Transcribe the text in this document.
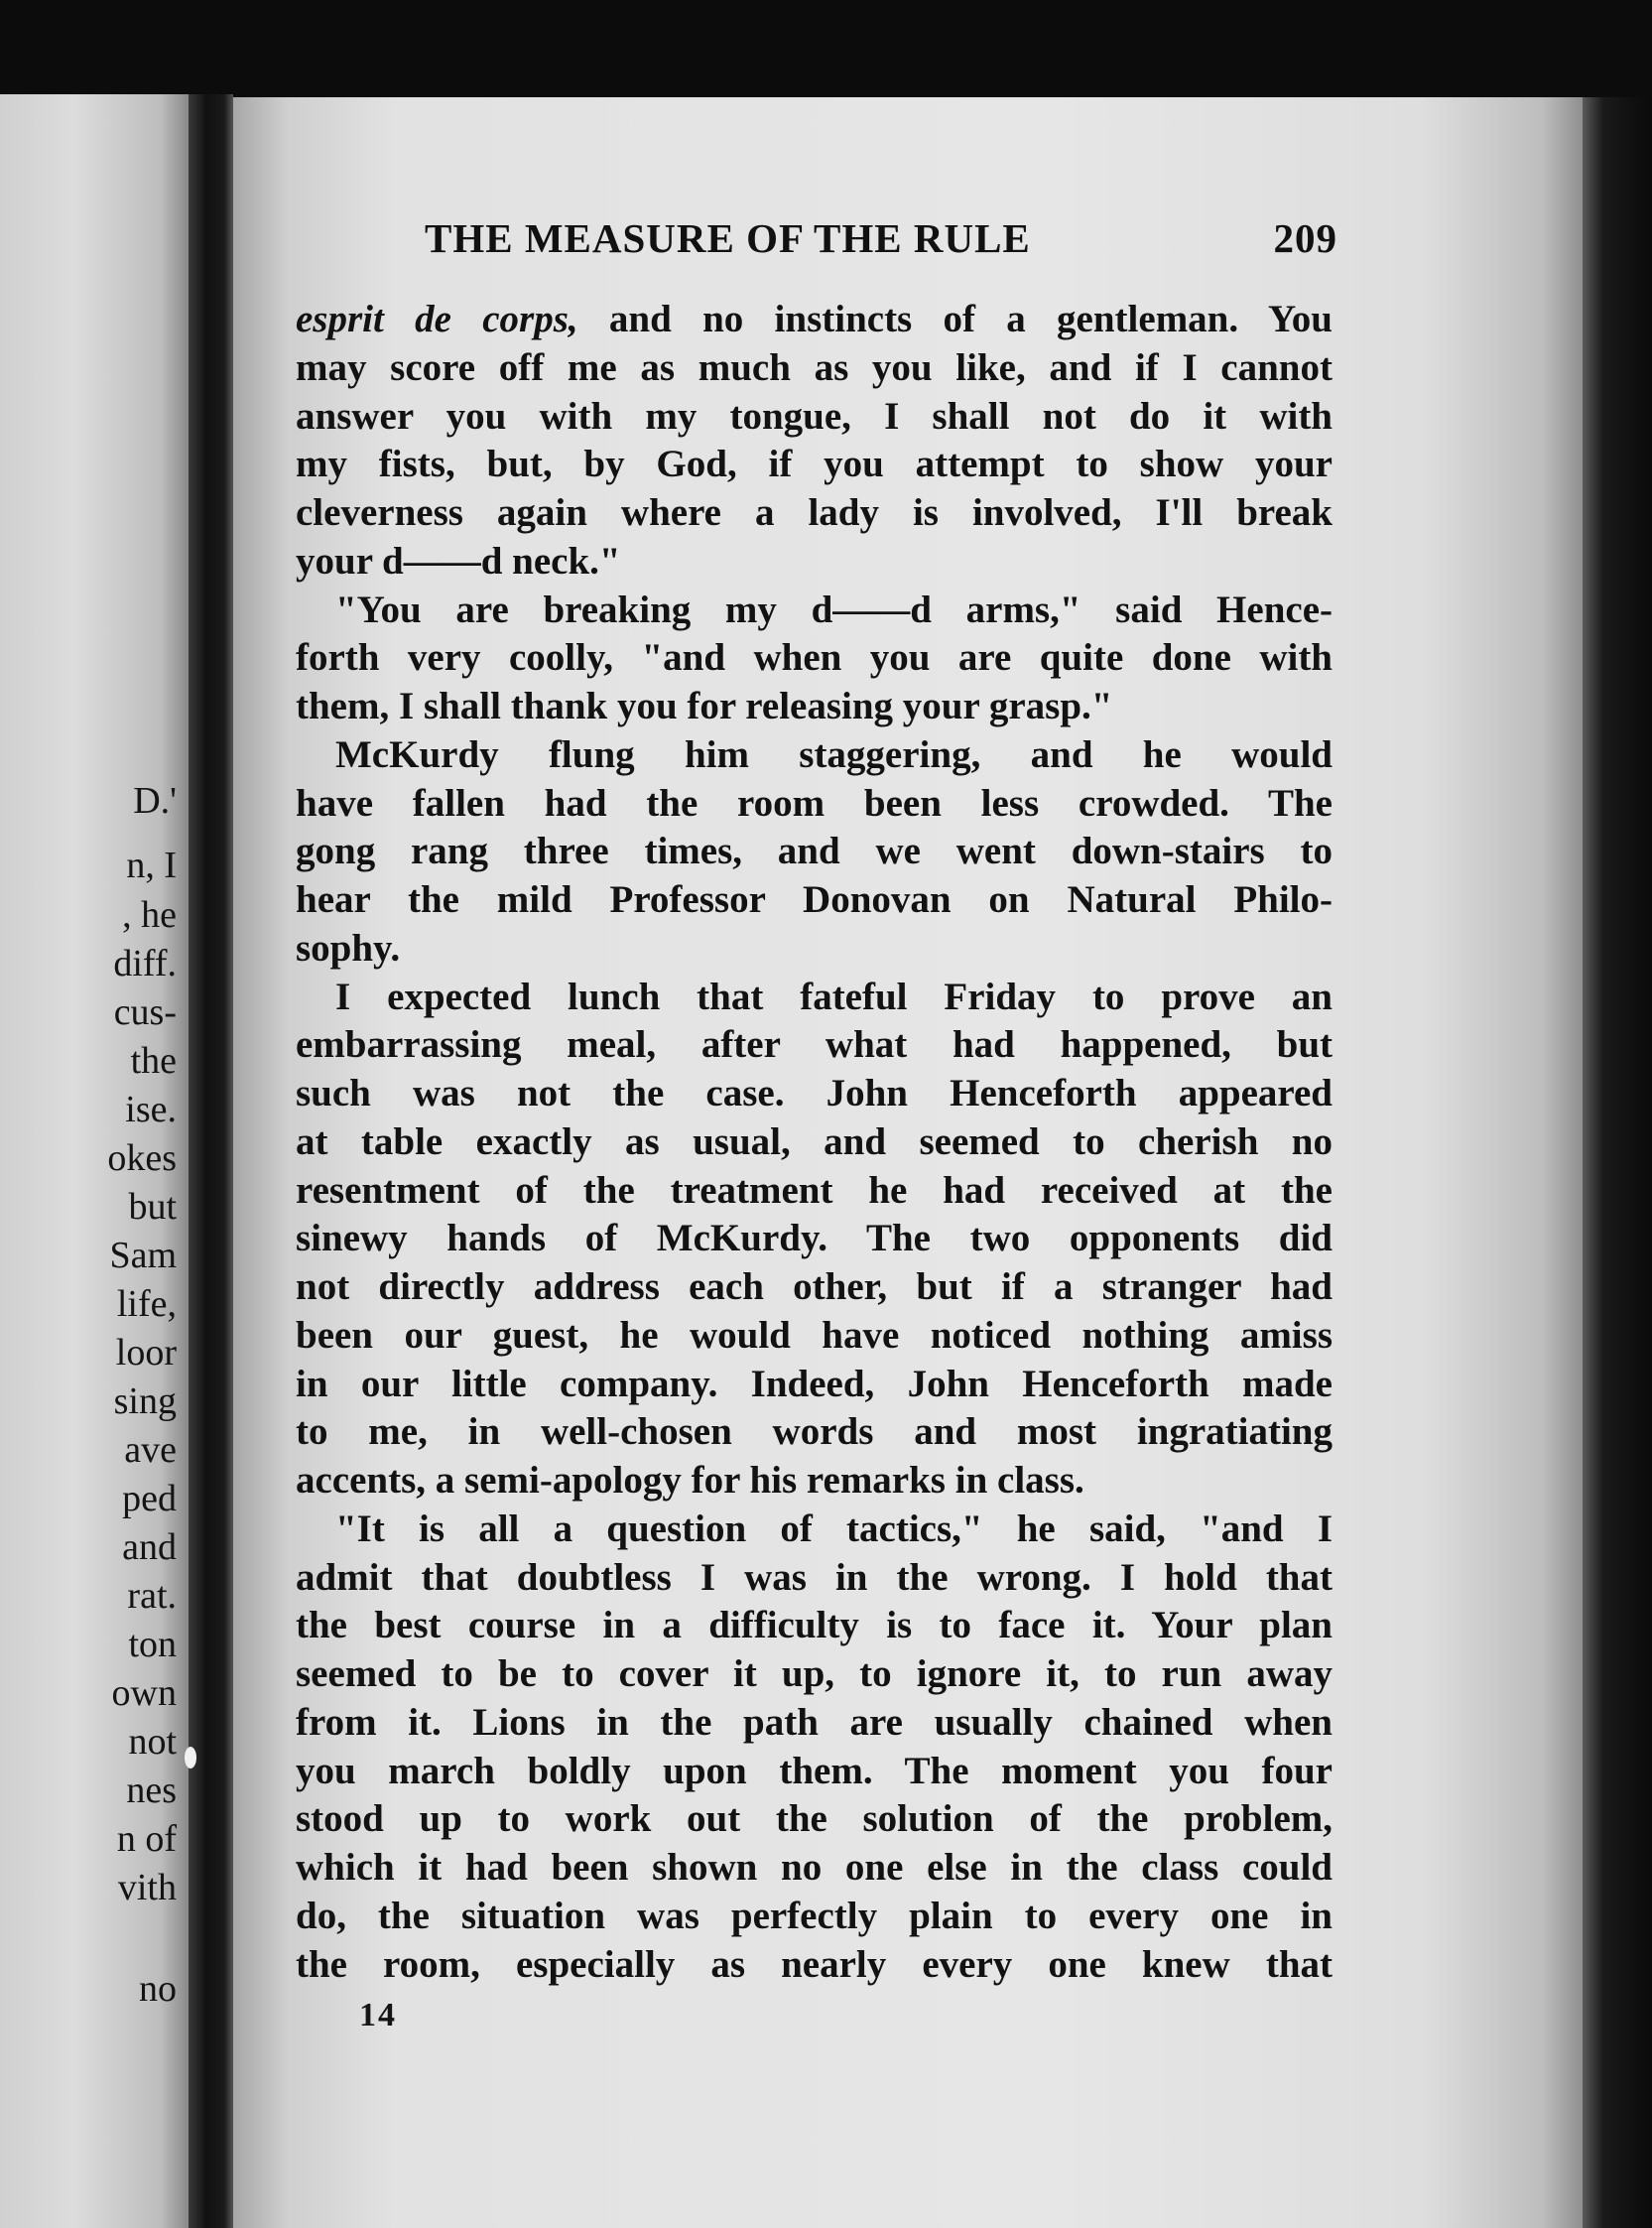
D.'
n, I
, he
diff.
cus-
the
ise.
okes
but
Sam
life,
loor
sing
ave
ped
and
rat.
ton
own
not
nes
n of
vith
no
THE MEASURE OF THE RULE	209
esprit de corps, and no instincts of a gentleman. You
may score off me as much as you like, and if I cannot
answer you with my tongue, I shall not do it with
my fists, but, by God, if you attempt to show your
cleverness again where a lady is involved, I'll break
your d——d neck."
"You are breaking my d——d arms," said Hence-
forth very coolly, "and when you are quite done with
them, I shall thank you for releasing your grasp."
McKurdy flung him staggering, and he would
have fallen had the room been less crowded. The
gong rang three times, and we went down-stairs to
hear the mild Professor Donovan on Natural Philo-
sophy.
I expected lunch that fateful Friday to prove an
embarrassing meal, after what had happened, but
such was not the case. John Henceforth appeared
at table exactly as usual, and seemed to cherish no
resentment of the treatment he had received at the
sinewy hands of McKurdy. The two opponents did
not directly address each other, but if a stranger had
been our guest, he would have noticed nothing amiss
in our little company. Indeed, John Henceforth made
to me, in well-chosen words and most ingratiating
accents, a semi-apology for his remarks in class.
"It is all a question of tactics," he said, "and I
admit that doubtless I was in the wrong. I hold that
the best course in a difficulty is to face it. Your plan
seemed to be to cover it up, to ignore it, to run away
from it. Lions in the path are usually chained when
you march boldly upon them. The moment you four
stood up to work out the solution of the problem,
which it had been shown no one else in the class could
do, the situation was perfectly plain to every one in
the room, especially as nearly every one knew that
14
